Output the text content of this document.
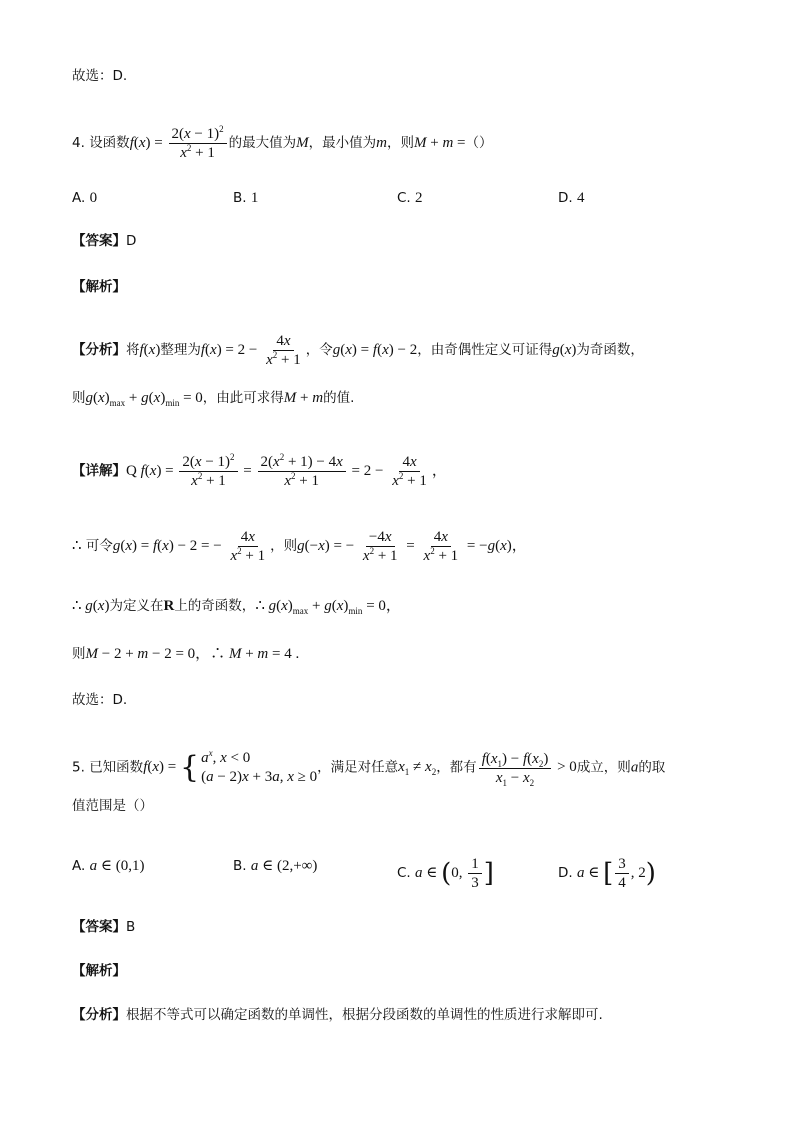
故选：D.
4. 设函数$f(x) = \frac{2(x - 1)^2}{x^2 + 1}$ 的最大值为M，最小值为m，则M + m =（）
A. 0	B. 1	C. 2	D. 4
【答案】D
【解析】
【分析】将f(x)整理为$f(x) = 2 - \frac{4x}{x^2 + 1}$ ，令g(x) = f(x) − 2，由奇偶性定义可证得g(x)为奇函数，
则$g(x)_{max} + g(x)_{min} = 0$，由此可求得M + m的值.
【详解】Q $f(x) = \frac{2(x - 1)^2}{x^2 + 1} = \frac{2(x^2 + 1) - 4x}{x^2 + 1} = 2 - \frac{4x}{x^2 + 1}$ ，
∴ 可令g(x) = f(x) − 2 = − $\frac{4x}{x^2 + 1}$ ，则g(−x) = − $\frac{-4x}{x^2 + 1} = \frac{4x}{x^2 + 1} = -g(x)$，
∴ g(x)为定义在R上的奇函数，∴ $g(x)_{max} + g(x)_{min} = 0$，
则M − 2 + m − 2 = 0，∴ M + m = 4 .
故选：D.
5. 已知函数f(x) = { $a^x$, x < 0
(a − 2)x + 3a, x ≥ 0
，满足对任意$x_1 \ne x_2$，都有 $\frac{f(x_1) - f(x_2)}{x_1 - x_2} > 0$成立，则a的取
值范围是（）
A. a ∈ (0,1)	B. a ∈ (2,+∞)	C. a ∈ (0, $\frac{1}{3}$ ]	D. a ∈ [ $\frac{3}{4}$ , 2)
【答案】B
【解析】
【分析】根据不等式可以确定函数的单调性，根据分段函数的单调性的性质进行求解即可.
